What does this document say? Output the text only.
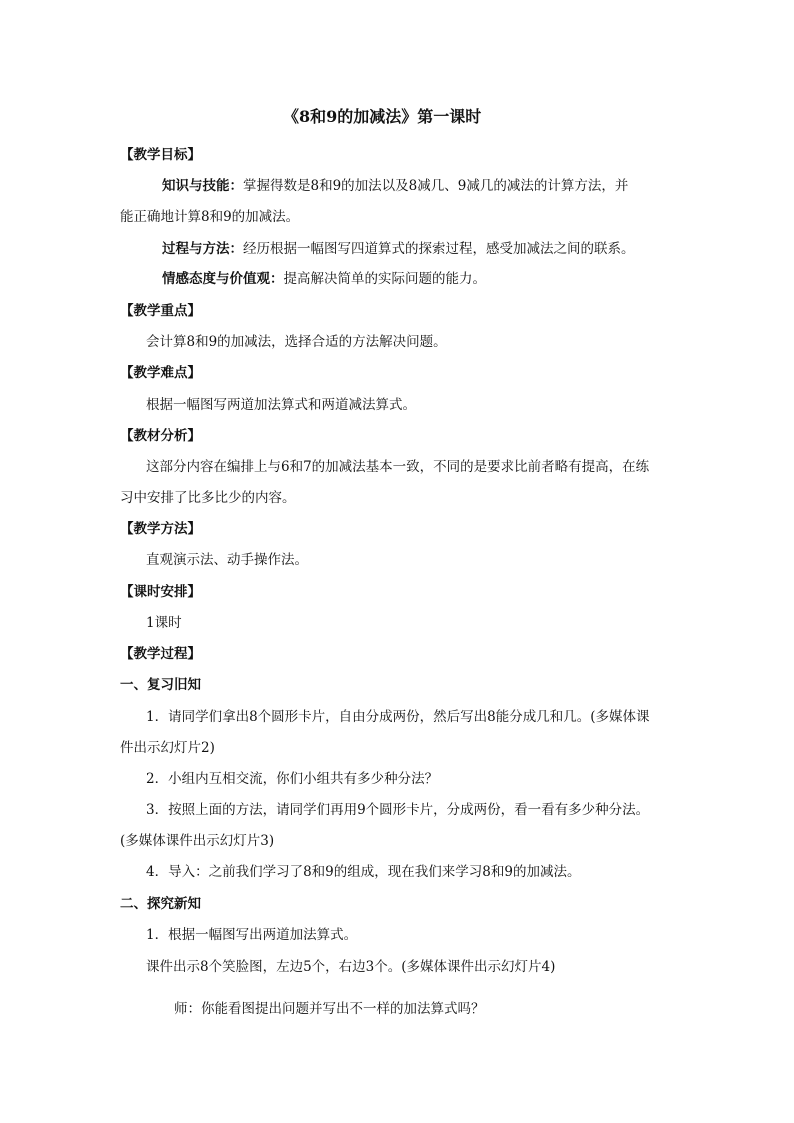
《8和9的加减法》第一课时
【教学目标】
知识与技能：掌握得数是8和9的加法以及8减几、9减几的减法的计算方法，并
能正确地计算8和9的加减法。
过程与方法：经历根据一幅图写四道算式的探索过程，感受加减法之间的联系。
情感态度与价值观：提高解决简单的实际问题的能力。
【教学重点】
会计算8和9的加减法，选择合适的方法解决问题。
【教学难点】
根据一幅图写两道加法算式和两道减法算式。
【教材分析】
这部分内容在编排上与6和7的加减法基本一致，不同的是要求比前者略有提高，在练
习中安排了比多比少的内容。
【教学方法】
直观演示法、动手操作法。
【课时安排】
1课时
【教学过程】
一、复习旧知
1．请同学们拿出8个圆形卡片，自由分成两份，然后写出8能分成几和几。(多媒体课
件出示幻灯片2)
2．小组内互相交流，你们小组共有多少种分法？
3．按照上面的方法，请同学们再用9个圆形卡片，分成两份，看一看有多少种分法。
(多媒体课件出示幻灯片3)
4．导入：之前我们学习了8和9的组成，现在我们来学习8和9的加减法。
二、探究新知
1．根据一幅图写出两道加法算式。
课件出示8个笑脸图，左边5个，右边3个。(多媒体课件出示幻灯片4)
师：你能看图提出问题并写出不一样的加法算式吗？
